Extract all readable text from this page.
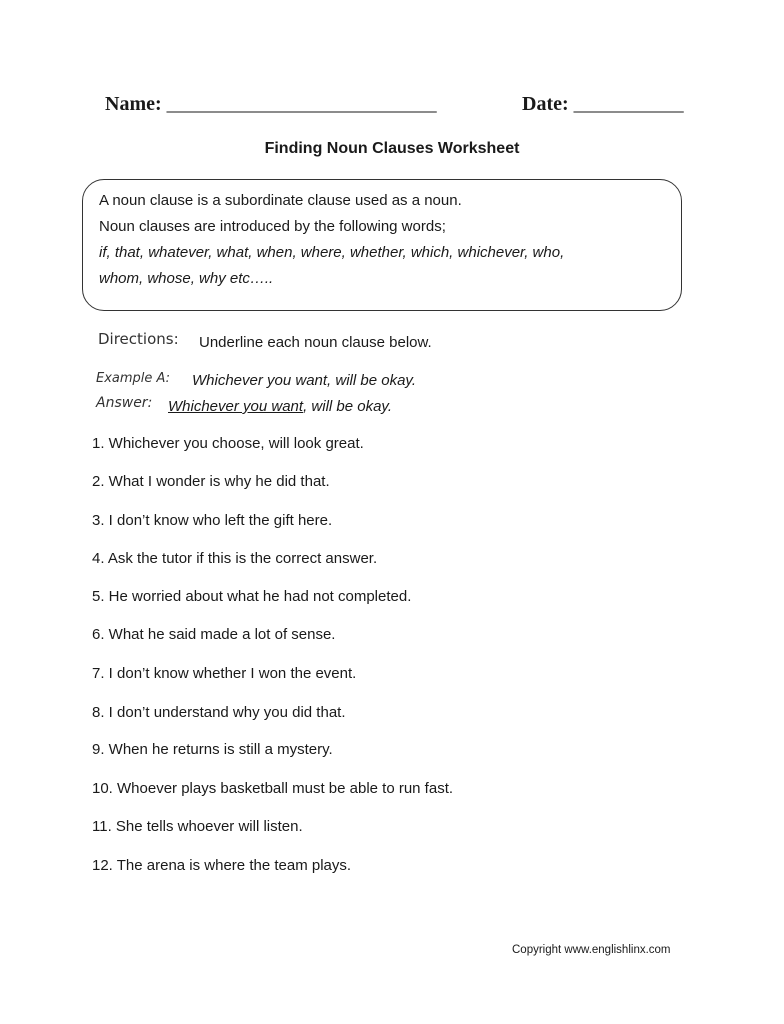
Name: ___________________________	Date: ___________
Finding Noun Clauses Worksheet
A noun clause is a subordinate clause used as a noun.
Noun clauses are introduced by the following words;
if, that, whatever, what, when, where, whether, which, whichever, who,
whom, whose, why etc…..
Directions: Underline each noun clause below.
Example A: Whichever you want, will be okay.
Answer: Whichever you want, will be okay.
1. Whichever you choose, will look great.
2. What I wonder is why he did that.
3. I don’t know who left the gift here.
4. Ask the tutor if this is the correct answer.
5. He worried about what he had not completed.
6. What he said made a lot of sense.
7. I don’t know whether I won the event.
8. I don’t understand why you did that.
9. When he returns is still a mystery.
10. Whoever plays basketball must be able to run fast.
11. She tells whoever will listen.
12. The arena is where the team plays.
Copyright www.englishlinx.com
